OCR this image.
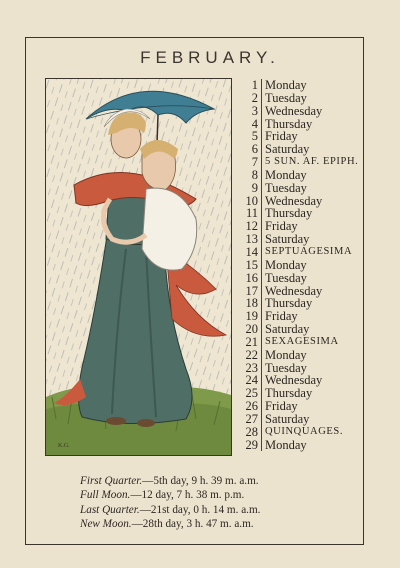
FEBRUARY.
K.G.
1 Monday
2 Tuesday
3 Wednesday
4 Thursday
5 Friday
6 Saturday
7 5 SUN. AF. EPIPH.
8 Monday
9 Tuesday
10 Wednesday
11 Thursday
12 Friday
13 Saturday
14 SEPTUAGESIMA
15 Monday
16 Tuesday
17 Wednesday
18 Thursday
19 Friday
20 Saturday
21 SEXAGESIMA
22 Monday
23 Tuesday
24 Wednesday
25 Thursday
26 Friday
27 Saturday
28 QUINQUAGES.
29 Monday
First Quarter.—5th day, 9 h. 39 m. a.m.
Full Moon.—12 day, 7 h. 38 m. p.m.
Last Quarter.—21st day, 0 h. 14 m. a.m.
New Moon.—28th day, 3 h. 47 m. a.m.
